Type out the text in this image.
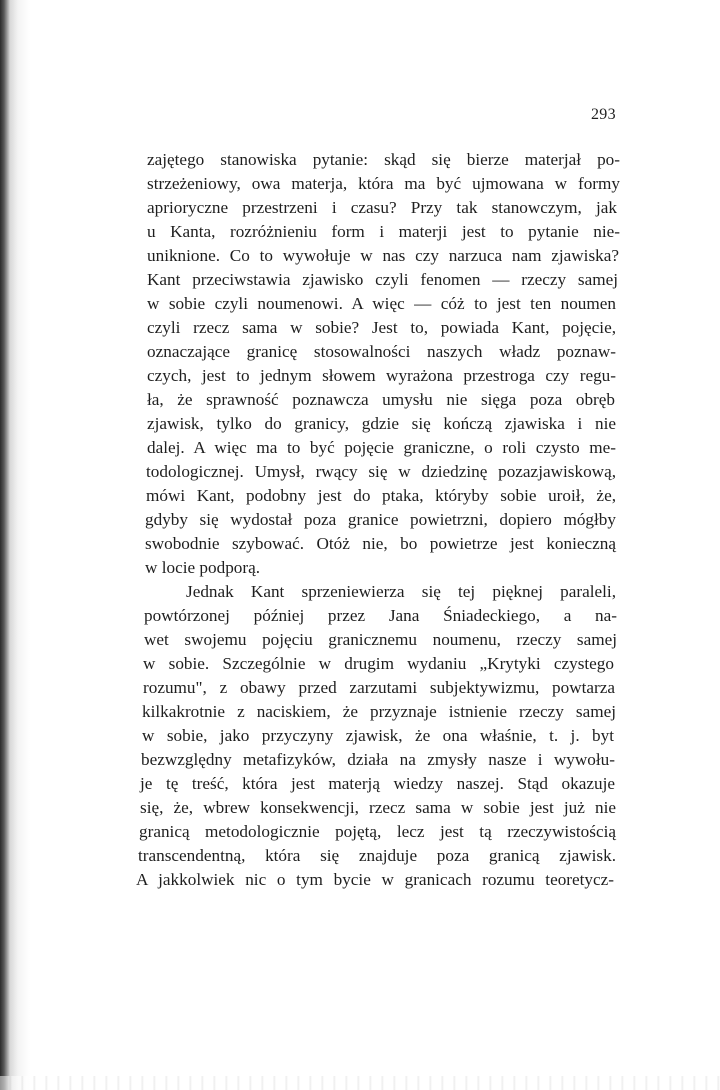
293
zajętego stanowiska pytanie: skąd się bierze materjał po-
strzeżeniowy, owa materja, która ma być ujmowana w formy
aprioryczne przestrzeni i czasu? Przy tak stanowczym, jak
u Kanta, rozróżnieniu form i materji jest to pytanie nie-
uniknione. Co to wywołuje w nas czy narzuca nam zjawiska?
Kant przeciwstawia zjawisko czyli fenomen — rzeczy samej
w sobie czyli noumenowi. A więc — cóż to jest ten noumen
czyli rzecz sama w sobie? Jest to, powiada Kant, pojęcie,
oznaczające granicę stosowalności naszych władz poznaw-
czych, jest to jednym słowem wyrażona przestroga czy regu-
ła, że sprawność poznawcza umysłu nie sięga poza obręb
zjawisk, tylko do granicy, gdzie się kończą zjawiska i nie
dalej. A więc ma to być pojęcie graniczne, o roli czysto me-
todologicznej. Umysł, rwący się w dziedzinę pozazjawiskową,
mówi Kant, podobny jest do ptaka, któryby sobie uroił, że,
gdyby się wydostał poza granice powietrzni, dopiero mógłby
swobodnie szybować. Otóż nie, bo powietrze jest konieczną
w locie podporą.
Jednak Kant sprzeniewierza się tej pięknej paraleli,
powtórzonej później przez Jana Śniadeckiego, a na-
wet swojemu pojęciu granicznemu noumenu, rzeczy samej
w sobie. Szczególnie w drugim wydaniu „Krytyki czystego
rozumu", z obawy przed zarzutami subjektywizmu, powtarza
kilkakrotnie z naciskiem, że przyznaje istnienie rzeczy samej
w sobie, jako przyczyny zjawisk, że ona właśnie, t. j. byt
bezwzględny metafizyków, działa na zmysły nasze i wywołu-
je tę treść, która jest materją wiedzy naszej. Stąd okazuje
się, że, wbrew konsekwencji, rzecz sama w sobie jest już nie
granicą metodologicznie pojętą, lecz jest tą rzeczywistością
transcendentną, która się znajduje poza granicą zjawisk.
A jakkolwiek nic o tym bycie w granicach rozumu teoretycz-
